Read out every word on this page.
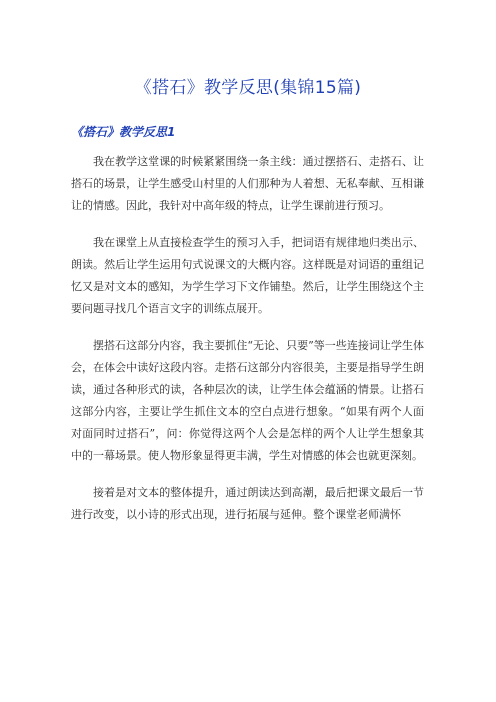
《搭石》教学反思(集锦15篇)
《搭石》教学反思1

我在教学这堂课的时候紧紧围绕一条主线：通过摆搭石、走搭石、让搭石的场景，让学生感受山村里的人们那种为人着想、无私奉献、互相谦让的情感。因此，我针对中高年级的特点，让学生课前进行预习。

我在课堂上从直接检查学生的预习入手，把词语有规律地归类出示、朗读。然后让学生运用句式说课文的大概内容。这样既是对词语的重组记忆又是对文本的感知，为学生学习下文作铺垫。然后，让学生围绕这个主要问题寻找几个语言文字的训练点展开。

摆搭石这部分内容，我主要抓住“无论、只要”等一些连接词让学生体会，在体会中读好这段内容。走搭石这部分内容很美，主要是指导学生朗读，通过各种形式的读，各种层次的读，让学生体会蕴涵的情景。让搭石这部分内容，主要让学生抓住文本的空白点进行想象。“如果有两个人面对面同时过搭石”，问：你觉得这两个人会是怎样的两个人让学生想象其中的一幕场景。使人物形象显得更丰满，学生对情感的体会也就更深刻。

接着是对文本的整体提升，通过朗读达到高潮，最后把课文最后一节进行改变，以小诗的形式出现，进行拓展与延伸。整个课堂老师满怀
